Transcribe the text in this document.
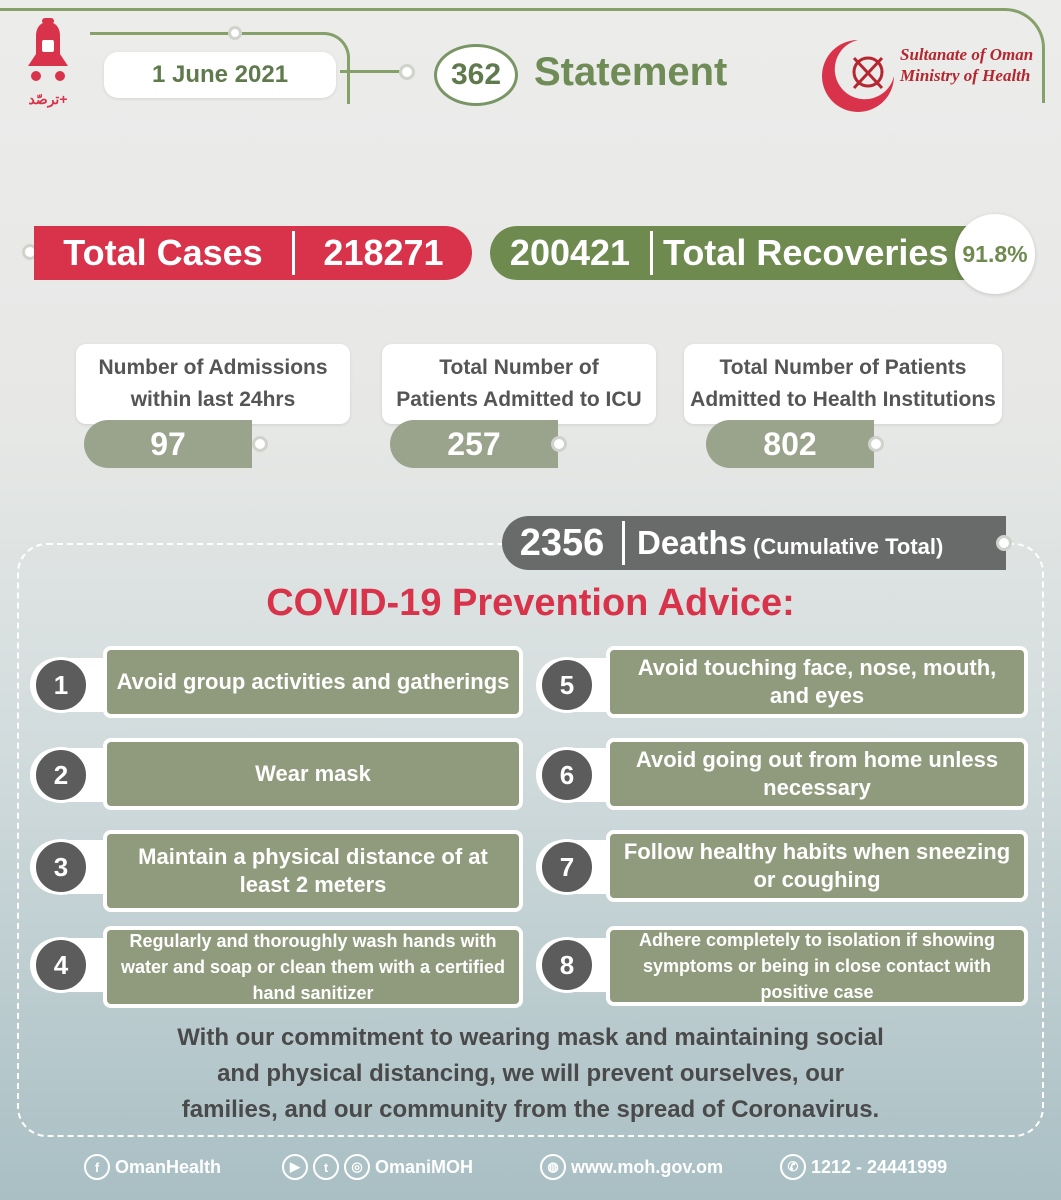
ترصّد+
1 June 2021	362 Statement	Sultanate of Oman
Ministry of Health
Total Cases	218271	200421 Total Recoveries 91.8%
Number of Admissions
within last 24hrs
97
Total Number of
Patients Admitted to ICU
257
Total Number of Patients
Admitted to Health Institutions
802
2356 Deaths (Cumulative Total)
COVID-19 Prevention Advice:
1	Avoid group activities and gatherings
2	Wear mask
3	Maintain a physical distance of at least 2 meters
4
Regularly and thoroughly wash hands with water and soap or clean them with a certified hand sanitizer
5
Avoid touching face, nose, mouth, and eyes
6	Avoid going out from home unless necessary
7	Follow healthy habits when sneezing or coughing
8
Adhere completely to isolation if showing symptoms or being in close contact with positive case
With our commitment to wearing mask and maintaining social
and physical distancing, we will prevent ourselves, our
families, and our community from the spread of Coronavirus.
f OmanHealth	▶	t	◎ OmaniMOH	◍ www.moh.gov.om	✆ 1212 - 24441999
